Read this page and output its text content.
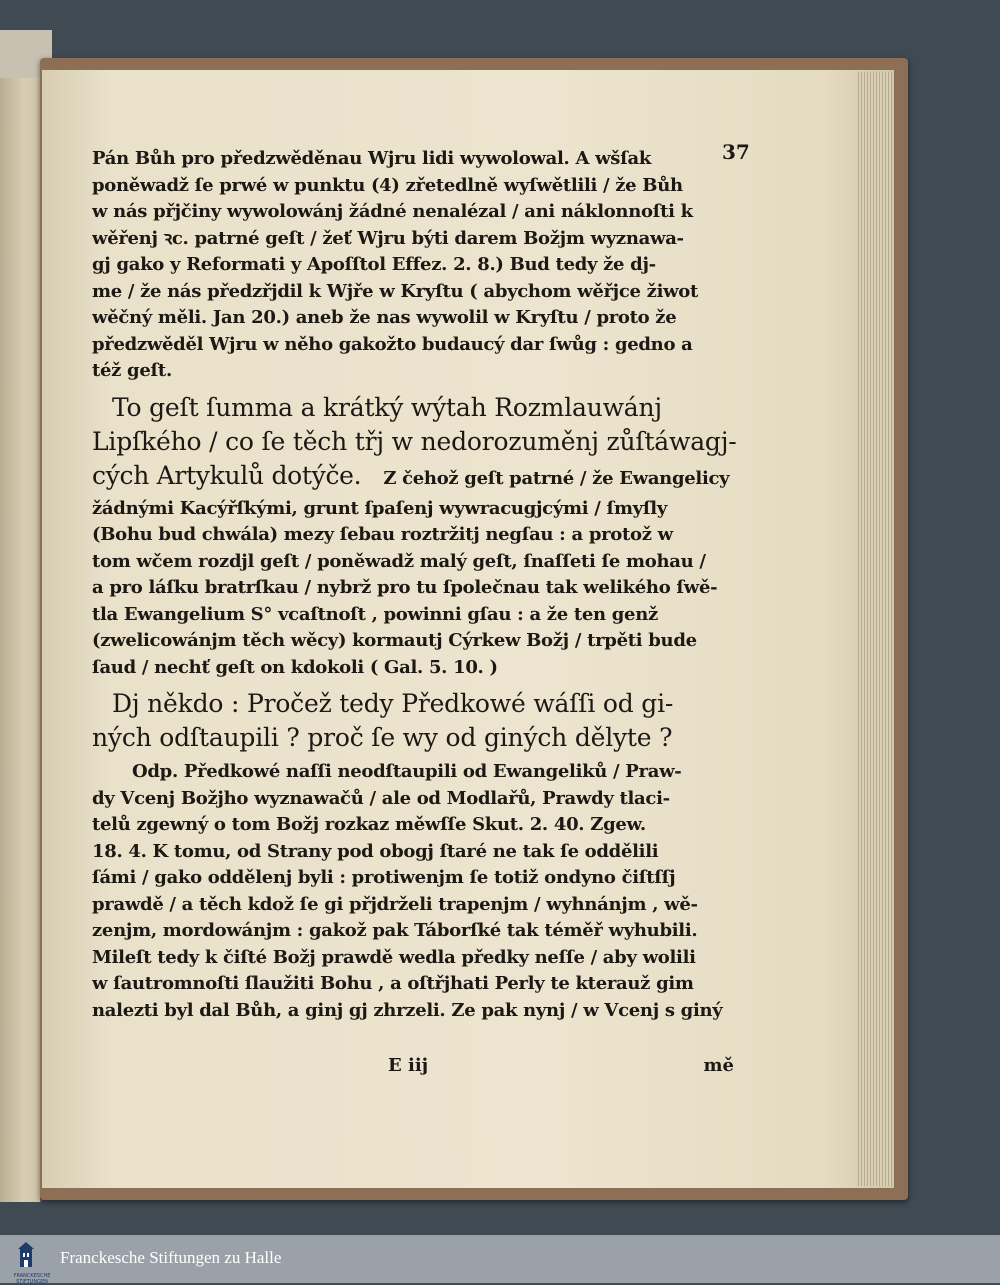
37
Pán Bůh pro předzwěděnau Wjru lidi wywolowal. A wšſak
poněwadž ſe prwé w punktu (4) zřetedlně wyſwětlili / že Bůh
w nás přjčiny wywolowánj žádné nenalézal / ani náklonnoſti k
wěřenj ꝛc. patrné geſt / žeť Wjru býti darem Božjm wyznawa-
gj gako y Reformati y Apoſſtol Effez. 2. 8.) Bud tedy že dj-
me / že nás předzřjdil k Wjře w Kryſtu ( abychom wěřjce žiwot
wěčný měli. Jan 20.) aneb že nas wywolil w Kryſtu / proto že
předzwěděl Wjru w něho gakožto budaucý dar ſwůg : gedno a
též geſt.
To geſt ſumma a krátký wýtah Rozmlauwánj
Lipſkého / co ſe těch třj w nedorozuměnj zůſtáwagj-
cých Artykulů dotýče. Z čehož geſt patrné / že Ewangelicy
žádnými Kacýřſkými, grunt ſpaſenj wywracugjcými / ſmyſly
(Bohu bud chwála) mezy ſebau roztržitj negſau : a protož w
tom wčem rozdjl geſt / poněwadž malý geſt, ſnaſſeti ſe mohau /
a pro láſku bratrſkau / nybrž pro tu ſpolečnau tak welikého ſwě-
tla Ewangelium S° vcaſtnoſt , powinni gſau : a že ten genž
(zwelicowánjm těch wěcy) kormautj Cýrkew Božj / trpěti bude
ſaud / nechť geſt on kdokoli ( Gal. 5. 10. )
Dj někdo : Pročež tedy Předkowé wáſſi od gi-
ných odſtaupili ? proč ſe wy od giných dělyte ?
Odp. Předkowé naſſi neodſtaupili od Ewangeliků / Praw-
dy Vcenj Božjho wyznawačů / ale od Modlařů, Prawdy tlaci-
telů zgewný o tom Božj rozkaz měwſſe Skut. 2. 40. Zgew.
18. 4. K tomu, od Strany pod obogj ſtaré ne tak ſe oddělili
ſámi / gako oddělenj byli : protiwenjm ſe totiž ondyno čiſtſſj
prawdě / a těch kdož ſe gi přjdrželi trapenjm / wyhnánjm , wě-
zenjm, mordowánjm : gakož pak Táborſké tak téměř wyhubili.
Mileſt tedy k čiſté Božj prawdě wedla předky neſſe / aby wolili
w ſautromnoſti ſlaužiti Bohu , a oſtřjhati Perly te kterauž gim
nalezti byl dal Bůh, a ginj gj zhrzeli. Ze pak nynj / w Vcenj s giný
E iij	mě
FRANCKESCHE STIFTUNGEN
Franckesche Stiftungen zu Halle
